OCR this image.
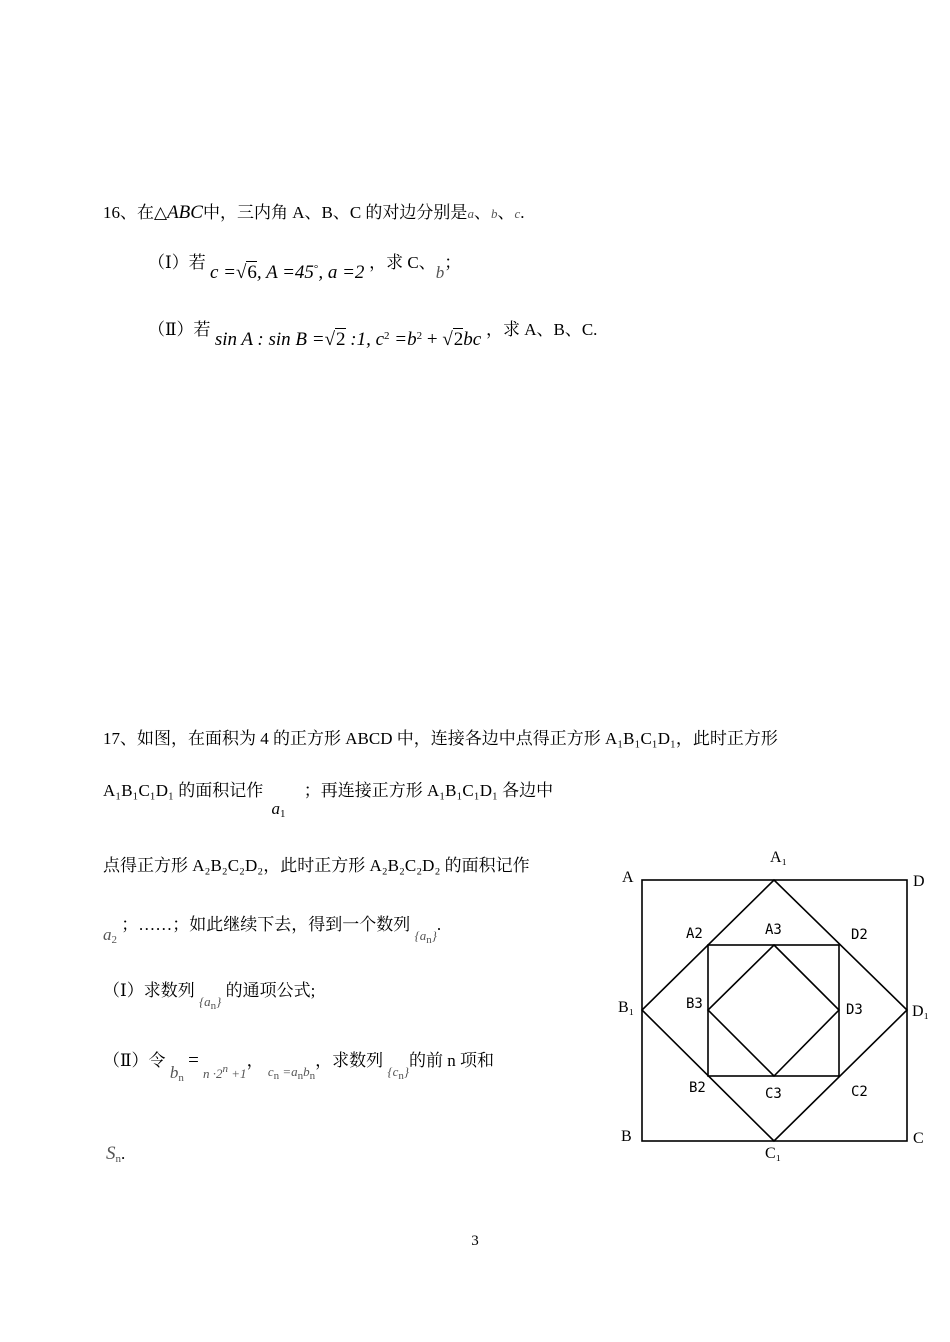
16、在△ABC中，三内角 A、B、C 的对边分别是a、b、c.
（Ⅰ）若 c =√6, A =45°, a =2 ，求 C、b；
（Ⅱ）若 sin A : sin B =√2 :1, $c^2 =b^2 + √2bc$ ，求 A、B、C.
17、如图，在面积为 4 的正方形 ABCD 中，连接各边中点得正方形 A₁B₁C₁D₁，此时正方形
A₁B₁C₁D₁ 的面积记作 $a_1$ ；再连接正方形 A₁B₁C₁D₁ 各边中
点得正方形 A₂B₂C₂D₂，此时正方形 A₂B₂C₂D₂ 的面积记作
$a_2$ ；……；如此继续下去，得到一个数列 $_{\{a_n\}}$.
（Ⅰ）求数列 $_{\{a_n\}}$ 的通项公式;
（Ⅱ）令 $b_n = _{n \cdot 2^n +1}$， $_{c_n =a_nb_n}$，求数列 $_{\{c_n\}}$的前 n 项和
$S_n$.
A	D
B	C
A₁
B₁	D₁
C₁
A2	D2
B2	C2
A3
B3	D3
C3
3
